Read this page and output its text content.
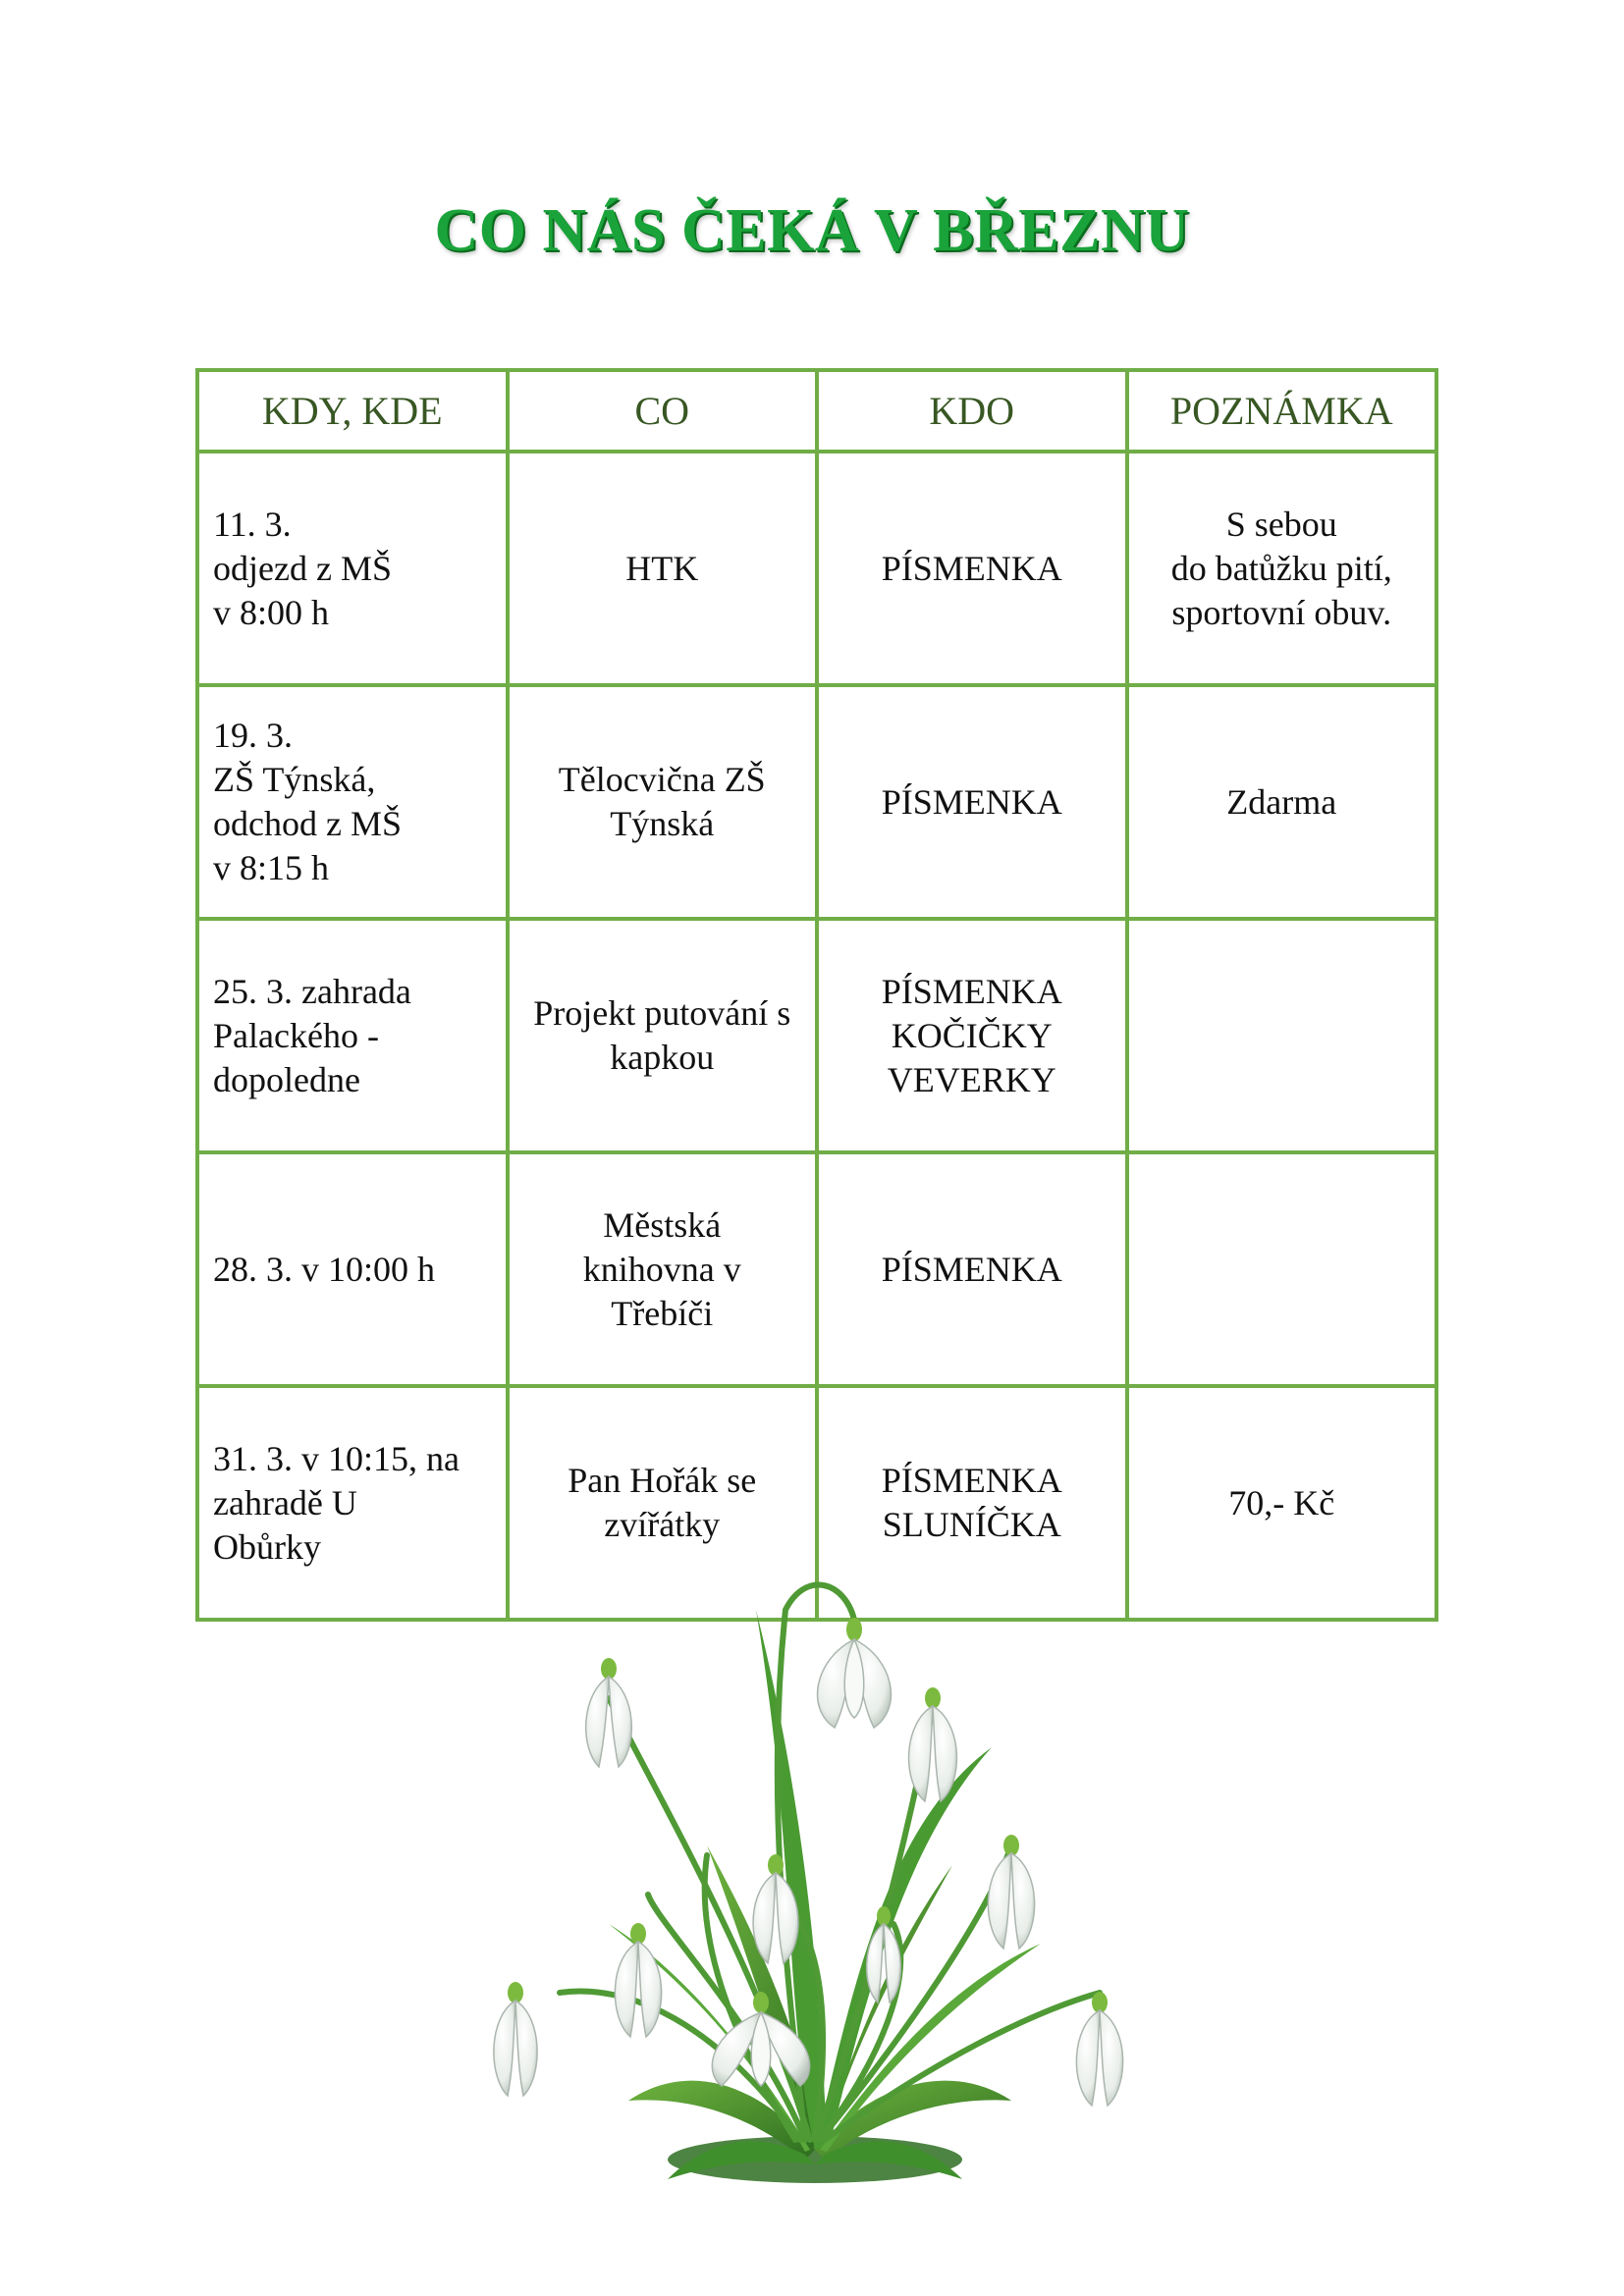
CO NÁS ČEKÁ V BŘEZNU
KDY, KDE	CO	KDO	POZNÁMKA

11. 3.
odjezd z MŠ
v 8:00 h	HTK	PÍSMENKA	S sebou
do batůžku pití,
sportovní obuv.

19. 3.
ZŠ Týnská,
odchod z MŠ
v 8:15 h	Tělocvična ZŠ
Týnská	PÍSMENKA	Zdarma

25. 3. zahrada
Palackého -
dopoledne	Projekt putování s
kapkou	PÍSMENKA
KOČIČKY
VEVERKY	

28. 3. v 10:00 h	Městská
knihovna v
Třebíči	PÍSMENKA	

31. 3. v 10:15, na
zahradě U
Obůrky	Pan Hořák se
zvířátky	PÍSMENKA
SLUNÍČKA	70,- Kč
